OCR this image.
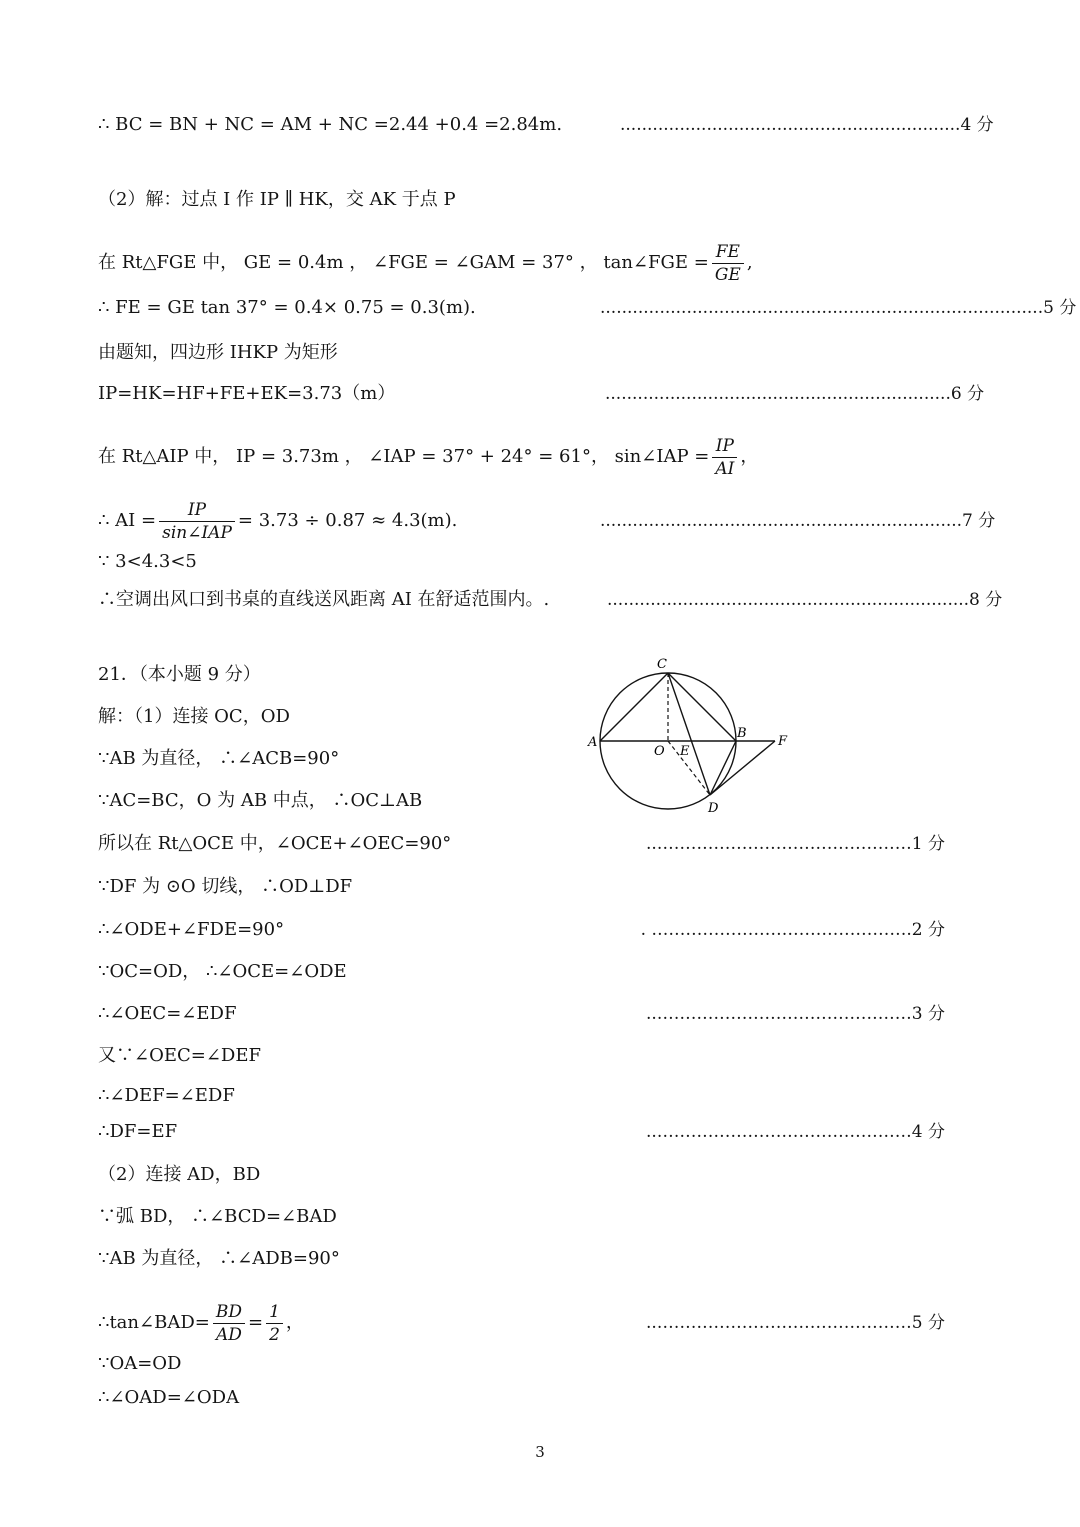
∴ BC = BN + NC = AM + NC =2.44 +0.4 =2.84m.	...............................................................4 分
（2）解：过点 I 作 IP ∥ HK，交 AK 于点 P
在 Rt△FGE 中， GE = 0.4m ， ∠FGE = ∠GAM = 37° ， tan∠FGE = $\frac{FE}{GE}$ ,
∴ FE = GE tan 37° = 0.4× 0.75 = 0.3(m).	..................................................................................5 分
由题知，四边形 IHKP 为矩形
IP=HK=HF+FE+EK=3.73（m）	................................................................6 分
在 Rt△AIP 中， IP = 3.73m ， ∠IAP = 37° + 24° = 61°， sin∠IAP = $\frac{IP}{AI}$ ，
∴ AI = $\frac{IP}{\text{sin∠IAP}} = 3.73 \div 0.87 \approx 4.3(m)$.	...................................................................7 分
∵ 3<4.3<5
∴空调出风口到书桌的直线送风距离 AI 在舒适范围内。.	...................................................................8 分
21．（本小题 9 分）
解：（1）连接 OC，OD
∵AB 为直径， ∴∠ACB=90°
∵AC=BC，O 为 AB 中点， ∴OC⊥AB
所以在 Rt△OCE 中，∠OCE+∠OEC=90°	..………………………………………1 分
∵DF 为 ⊙O 切线， ∴OD⊥DF
∴∠ODE+∠FDE=90°	. ……………………………………….2 分
∵OC=OD， ∴∠OCE=∠ODE
∴∠OEC=∠EDF	..………………………………………3 分
又∵∠OEC=∠DEF
∴∠DEF=∠EDF
∴DF=EF	..………………………………………4 分
（2）连接 AD，BD
∵弧 BD， ∴∠BCD=∠BAD
∵AB 为直径， ∴∠ADB=90°
∴tan∠BAD= $\frac{BD}{AD} = \frac{1}{2}$ ，	..………………………………………5 分
∵OA=OD
∴∠OAD=∠ODA
C
A
O E
B
F
D
3
